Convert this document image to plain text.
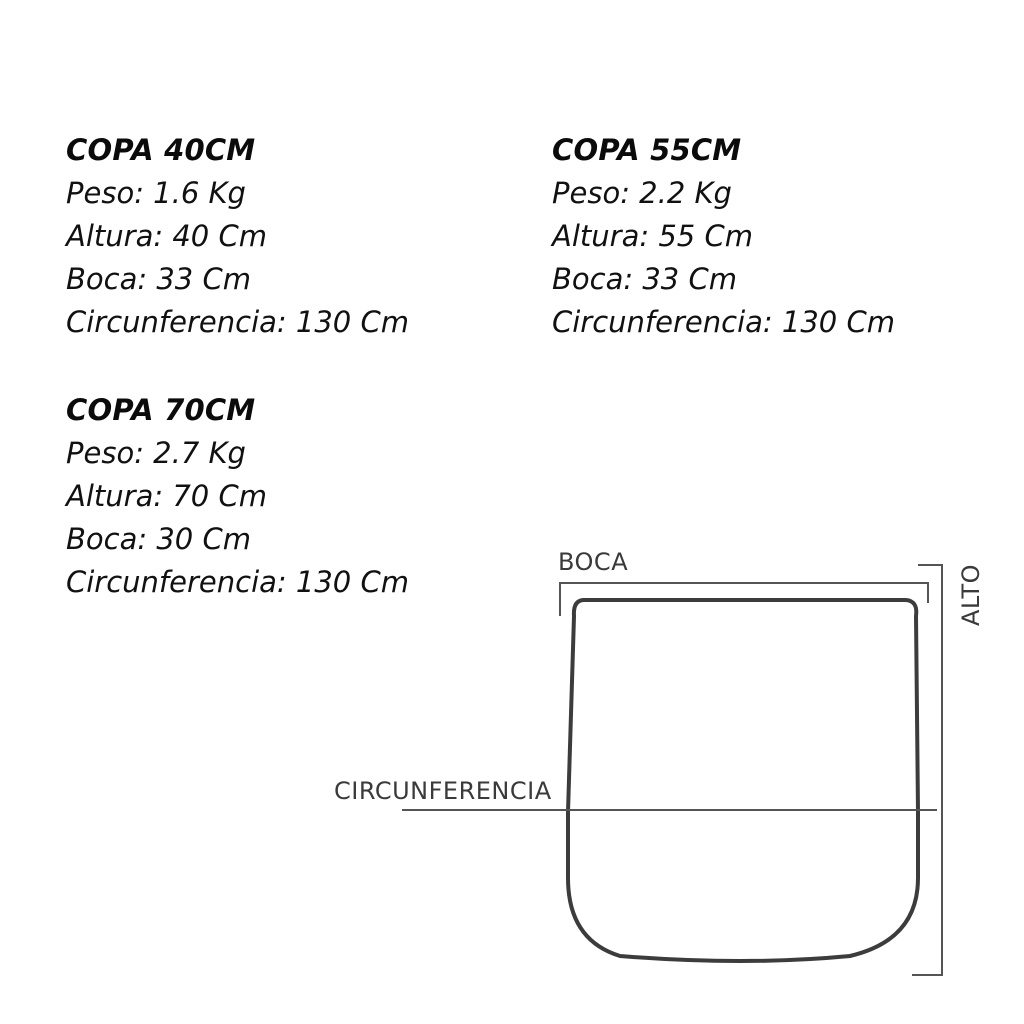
COPA 40CM
Peso: 1.6 Kg
Altura: 40 Cm
Boca: 33 Cm
Circunferencia: 130 Cm
COPA 55CM
Peso: 2.2 Kg
Altura: 55 Cm
Boca: 33 Cm
Circunferencia: 130 Cm
COPA 70CM
Peso: 2.7 Kg
Altura: 70 Cm
Boca: 30 Cm
Circunferencia: 130 Cm
BOCA
ALTO
CIRCUNFERENCIA
